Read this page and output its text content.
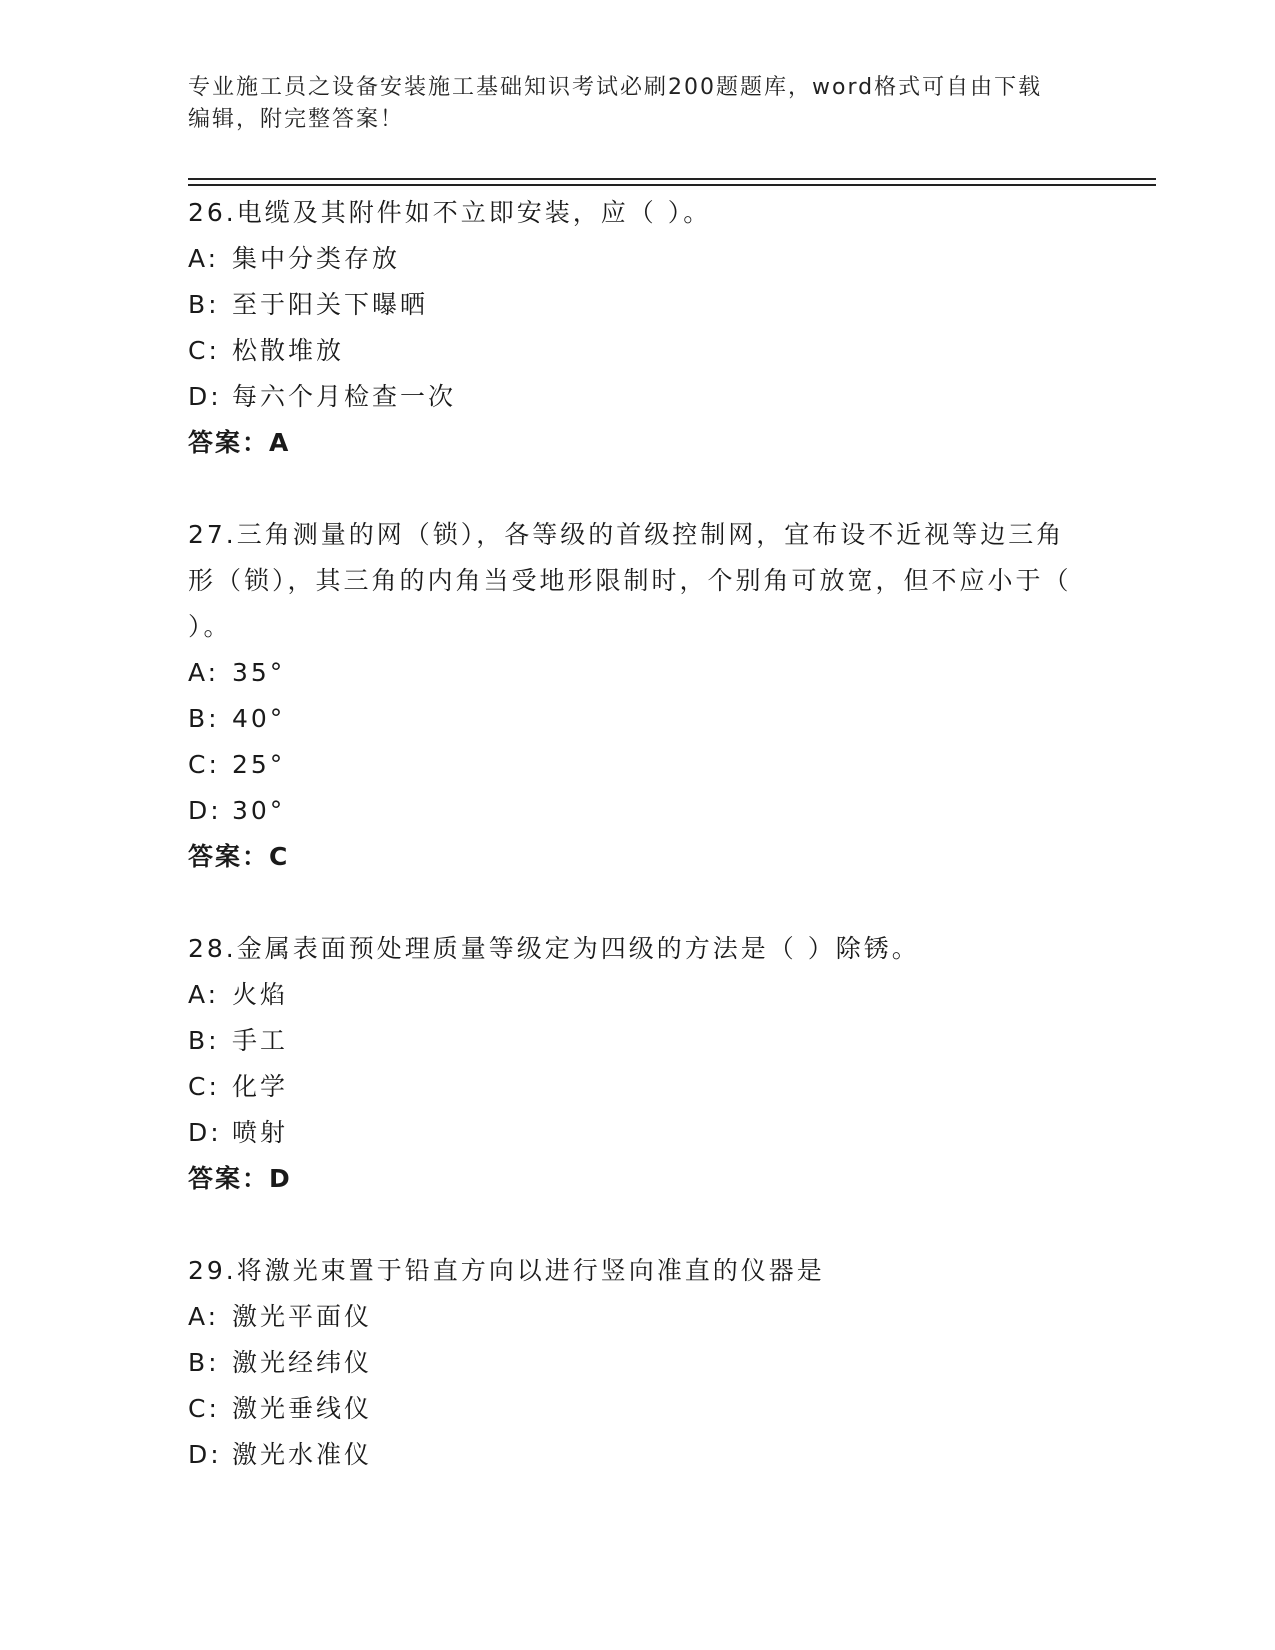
专业施工员之设备安装施工基础知识考试必刷200题题库，word格式可自由下载
编辑，附完整答案！
26.电缆及其附件如不立即安装，应（ ）。
A: 集中分类存放
B: 至于阳关下曝晒
C: 松散堆放
D: 每六个月检查一次
答案：A
27.三角测量的网（锁），各等级的首级控制网，宜布设不近视等边三角形（锁），其三角的内角当受地形限制时，个别角可放宽，但不应小于（ ）。
A: 35°
B: 40°
C: 25°
D: 30°
答案：C
28.金属表面预处理质量等级定为四级的方法是（ ）除锈。
A: 火焰
B: 手工
C: 化学
D: 喷射
答案：D
29.将激光束置于铅直方向以进行竖向准直的仪器是
A: 激光平面仪
B: 激光经纬仪
C: 激光垂线仪
D: 激光水准仪
